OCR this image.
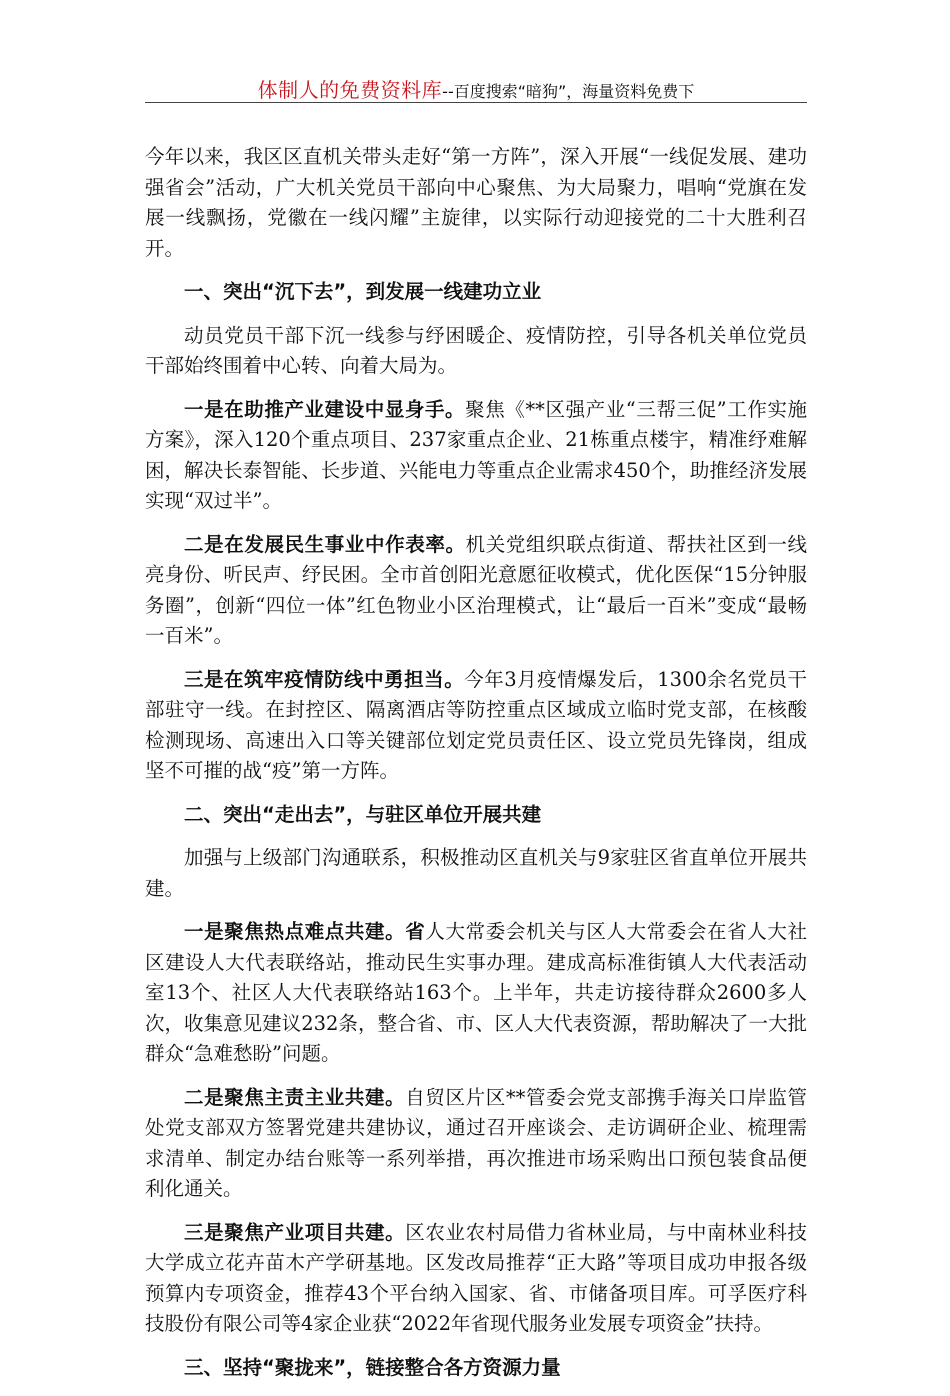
体制人的免费资料库--百度搜索“暗狗”，海量资料免费下

今年以来，我区区直机关带头走好“第一方阵”，深入开展“一线促发展、建功强省会”活动，广大机关党员干部向中心聚焦、为大局聚力，唱响“党旗在发展一线飘扬，党徽在一线闪耀”主旋律，以实际行动迎接党的二十大胜利召开。

一、突出“沉下去”，到发展一线建功立业

动员党员干部下沉一线参与纾困暖企、疫情防控，引导各机关单位党员干部始终围着中心转、向着大局为。

一是在助推产业建设中显身手。聚焦《**区强产业“三帮三促”工作实施方案》，深入120个重点项目、237家重点企业、21栋重点楼宇，精准纾难解困，解决长泰智能、长步道、兴能电力等重点企业需求450个，助推经济发展实现“双过半”。

二是在发展民生事业中作表率。机关党组织联点街道、帮扶社区到一线亮身份、听民声、纾民困。全市首创阳光意愿征收模式，优化医保“15分钟服务圈”，创新“四位一体”红色物业小区治理模式，让“最后一百米”变成“最畅一百米”。

三是在筑牢疫情防线中勇担当。今年3月疫情爆发后，1300余名党员干部驻守一线。在封控区、隔离酒店等防控重点区域成立临时党支部，在核酸检测现场、高速出入口等关键部位划定党员责任区、设立党员先锋岗，组成坚不可摧的战“疫”第一方阵。

二、突出“走出去”，与驻区单位开展共建

加强与上级部门沟通联系，积极推动区直机关与9家驻区省直单位开展共建。

一是聚焦热点难点共建。省人大常委会机关与区人大常委会在省人大社区建设人大代表联络站，推动民生实事办理。建成高标准街镇人大代表活动室13个、社区人大代表联络站163个。上半年，共走访接待群众2600多人次，收集意见建议232条，整合省、市、区人大代表资源，帮助解决了一大批群众“急难愁盼”问题。

二是聚焦主责主业共建。自贸区片区**管委会党支部携手海关口岸监管处党支部双方签署党建共建协议，通过召开座谈会、走访调研企业、梳理需求清单、制定办结台账等一系列举措，再次推进市场采购出口预包装食品便利化通关。

三是聚焦产业项目共建。区农业农村局借力省林业局，与中南林业科技大学成立花卉苗木产学研基地。区发改局推荐“正大路”等项目成功申报各级预算内专项资金，推荐43个平台纳入国家、省、市储备项目库。可孚医疗科技股份有限公司等4家企业获“2022年省现代服务业发展专项资金”扶持。

三、坚持“聚拢来”，链接整合各方资源力量
